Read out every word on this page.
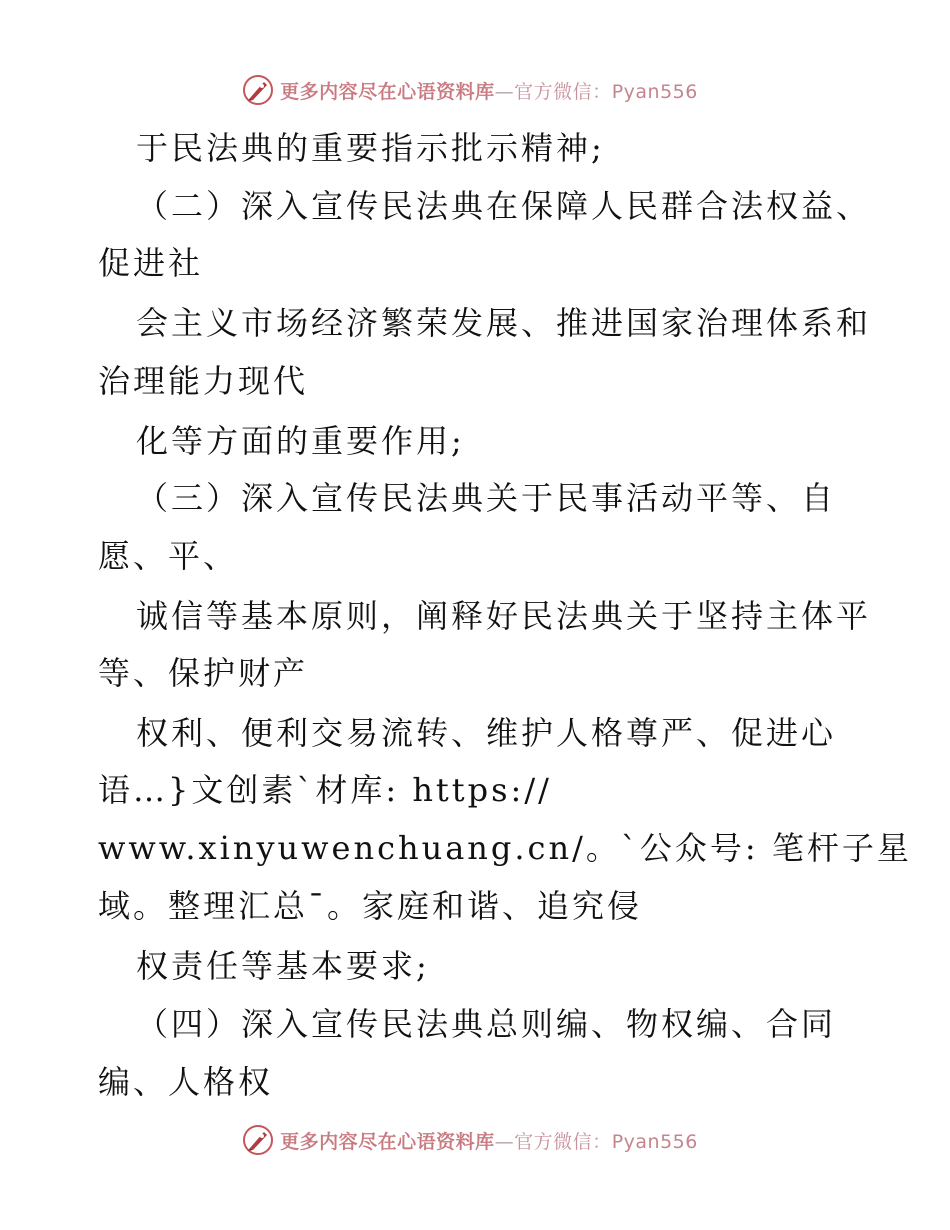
更多内容尽在心语资料库—官方微信：Pyan556
于民法典的重要指示批示精神;
（二）深入宣传民法典在保障人民群合法权益、
促进社
会主义市场经济繁荣发展、推进国家治理体系和
治理能力现代
化等方面的重要作用;
（三）深入宣传民法典关于民事活动平等、自
愿、平、
诚信等基本原则，阐释好民法典关于坚持主体平
等、保护财产
权利、便利交易流转、维护人格尊严、促进心
语…}文创素`材库: https://
www.xinyuwenchuang.cn/。`公众号: 笔杆子星
域。整理汇总¯。家庭和谐、追究侵
权责任等基本要求;
（四）深入宣传民法典总则编、物权编、合同
编、人格权
更多内容尽在心语资料库—官方微信：Pyan556
